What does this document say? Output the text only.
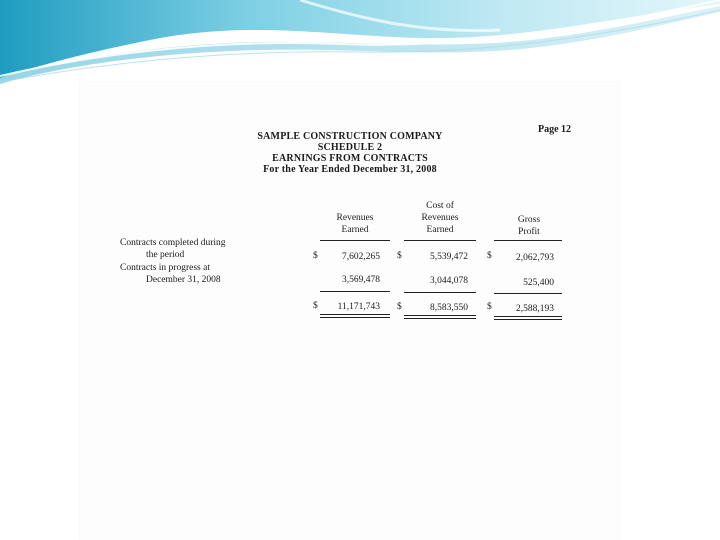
Page 12
SAMPLE CONSTRUCTION COMPANY
SCHEDULE 2
EARNINGS FROM CONTRACTS
For the Year Ended December 31, 2008
Revenues
Earned
Cost of
Revenues
Earned
Gross
Profit
Contracts completed during
the period	$	7,602,265 $	5,539,472 $	2,062,793
Contracts in progress at
December 31, 2008	3,569,478	3,044,078	525,400
$	11,171,743 $	8,583,550 $	2,588,193
